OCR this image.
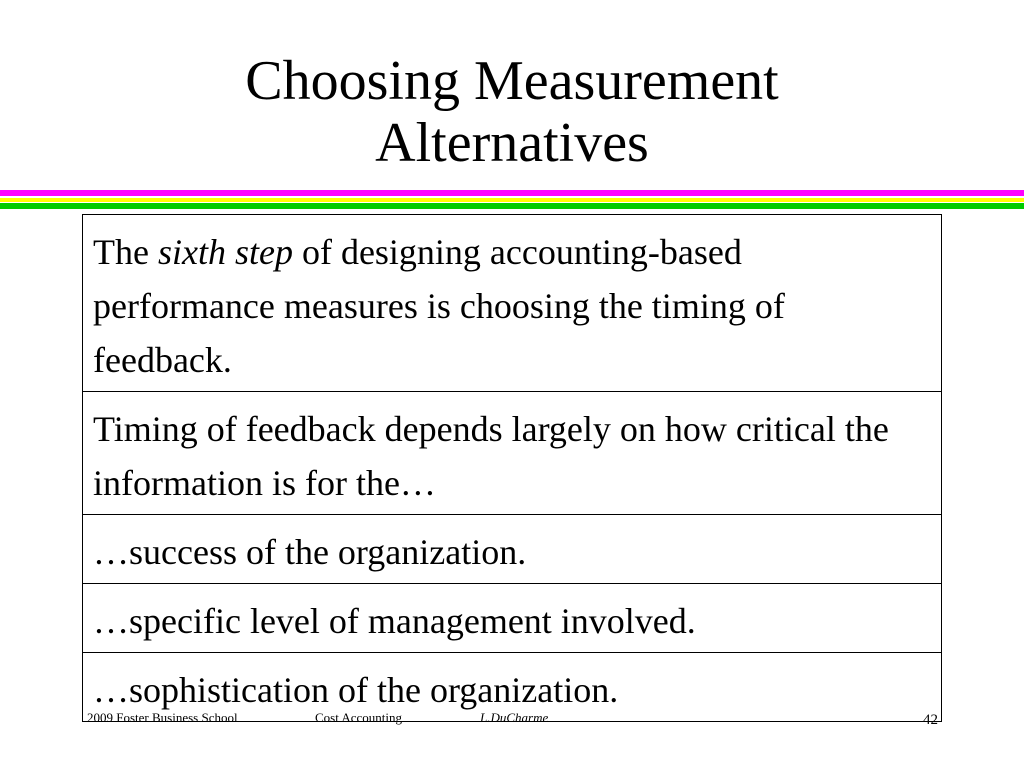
Choosing Measurement
Alternatives
The sixth step of designing accounting-based performance measures is choosing the timing of feedback.
Timing of feedback depends largely on how critical the information is for the…
…success of the organization.
…specific level of management involved.
…sophistication of the organization.
2009 Foster Business School	Cost Accounting	L.DuCharme	42
